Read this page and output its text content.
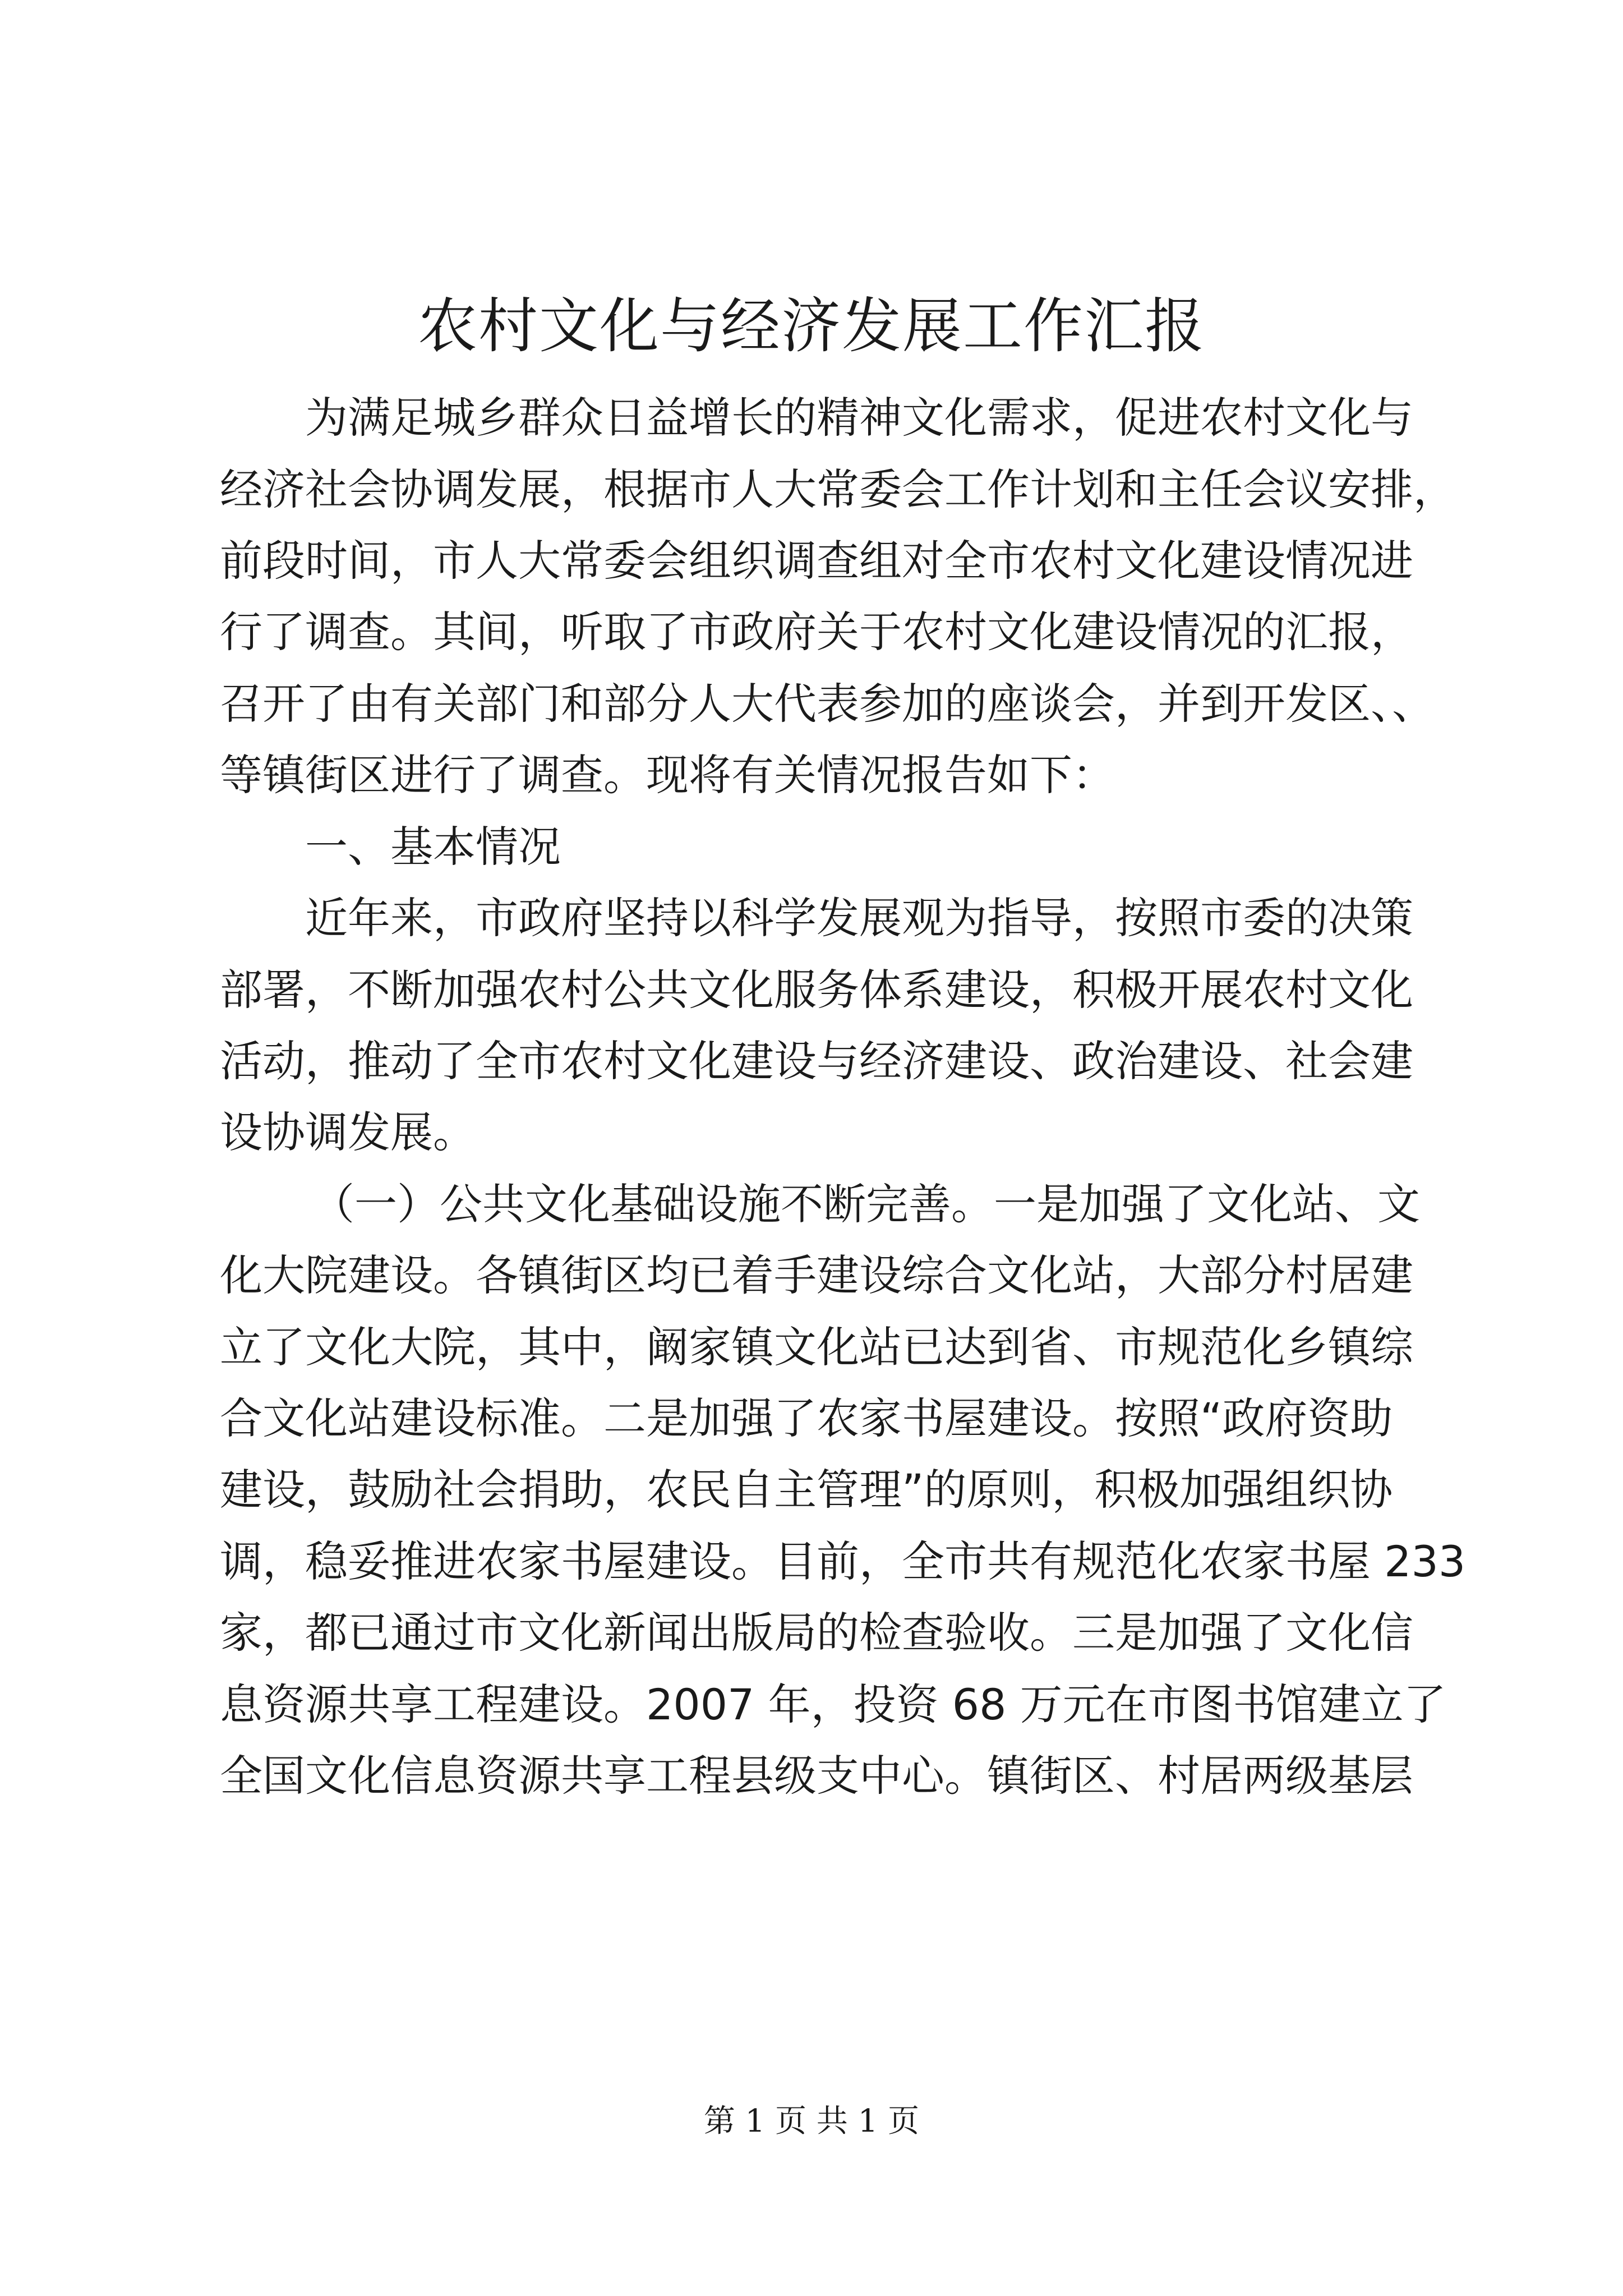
农村文化与经济发展工作汇报
为满足城乡群众日益增长的精神文化需求，促进农村文化与
经济社会协调发展，根据市人大常委会工作计划和主任会议安排，
前段时间，市人大常委会组织调查组对全市农村文化建设情况进
行了调查。其间，听取了市政府关于农村文化建设情况的汇报，
召开了由有关部门和部分人大代表参加的座谈会，并到开发区、、
等镇街区进行了调查。现将有关情况报告如下：
一、基本情况
近年来，市政府坚持以科学发展观为指导，按照市委的决策
部署，不断加强农村公共文化服务体系建设，积极开展农村文化
活动，推动了全市农村文化建设与经济建设、政治建设、社会建
设协调发展。
（一）公共文化基础设施不断完善。一是加强了文化站、文
化大院建设。各镇街区均已着手建设综合文化站，大部分村居建
立了文化大院，其中，阚家镇文化站已达到省、市规范化乡镇综
合文化站建设标准。二是加强了农家书屋建设。按照“政府资助
建设，鼓励社会捐助，农民自主管理”的原则，积极加强组织协
调，稳妥推进农家书屋建设。目前，全市共有规范化农家书屋 233
家，都已通过市文化新闻出版局的检查验收。三是加强了文化信
息资源共享工程建设。2007 年，投资 68 万元在市图书馆建立了
全国文化信息资源共享工程县级支中心。镇街区、村居两级基层
第 1 页 共 1 页
